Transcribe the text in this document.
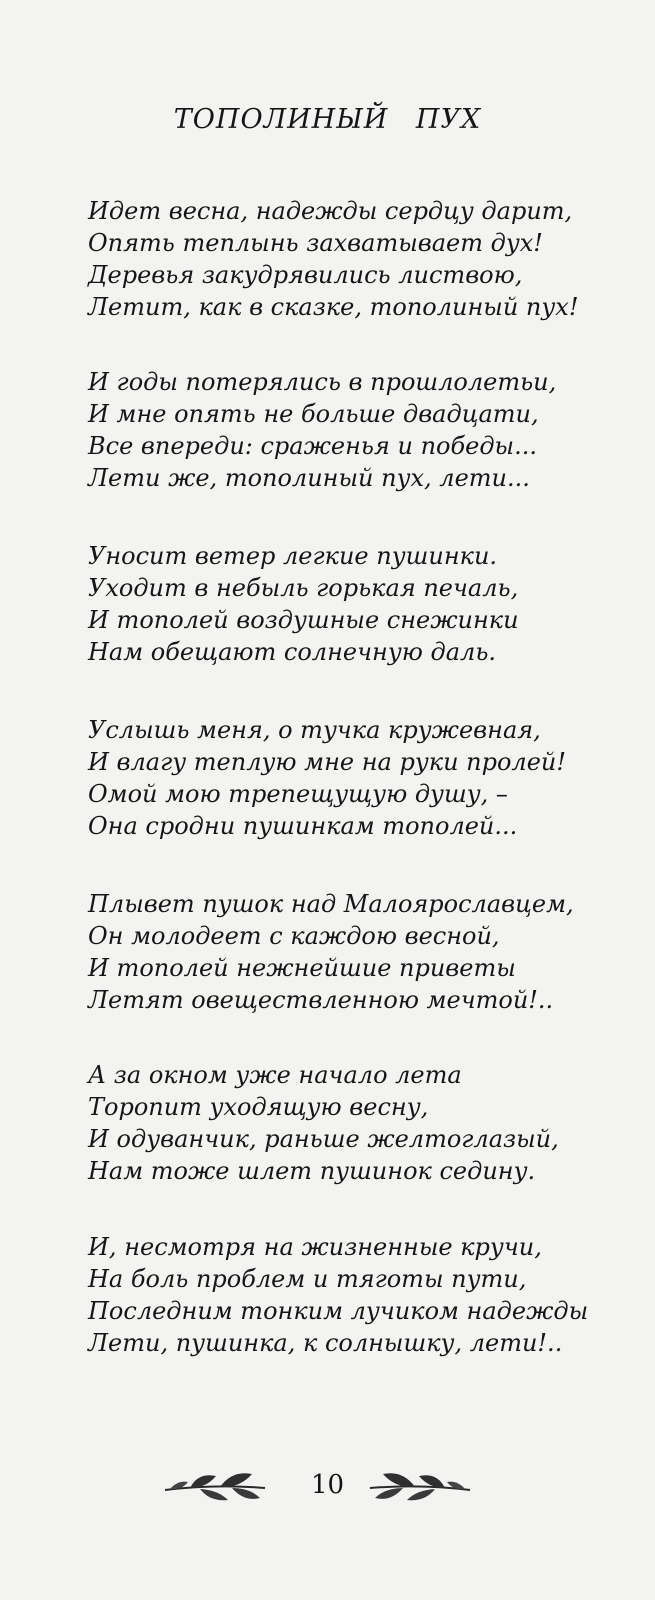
ТОПОЛИНЫЙ ПУХ
Идет весна, надежды сердцу дарит,
Опять теплынь захватывает дух!
Деревья закудрявились листвою,
Летит, как в сказке, тополиный пух!
И годы потерялись в прошлолетьи,
И мне опять не больше двадцати,
Все впереди: сраженья и победы...
Лети же, тополиный пух, лети...
Уносит ветер легкие пушинки.
Уходит в небыль горькая печаль,
И тополей воздушные снежинки
Нам обещают солнечную даль.
Услышь меня, о тучка кружевная,
И влагу теплую мне на руки пролей!
Омой мою трепещущую душу, –
Она сродни пушинкам тополей...
Плывет пушок над Малоярославцем,
Он молодеет с каждою весной,
И тополей нежнейшие приветы
Летят овеществленною мечтой!..
А за окном уже начало лета
Торопит уходящую весну,
И одуванчик, раньше желтоглазый,
Нам тоже шлет пушинок седину.
И, несмотря на жизненные кручи,
На боль проблем и тяготы пути,
Последним тонким лучиком надежды
Лети, пушинка, к солнышку, лети!..
10
